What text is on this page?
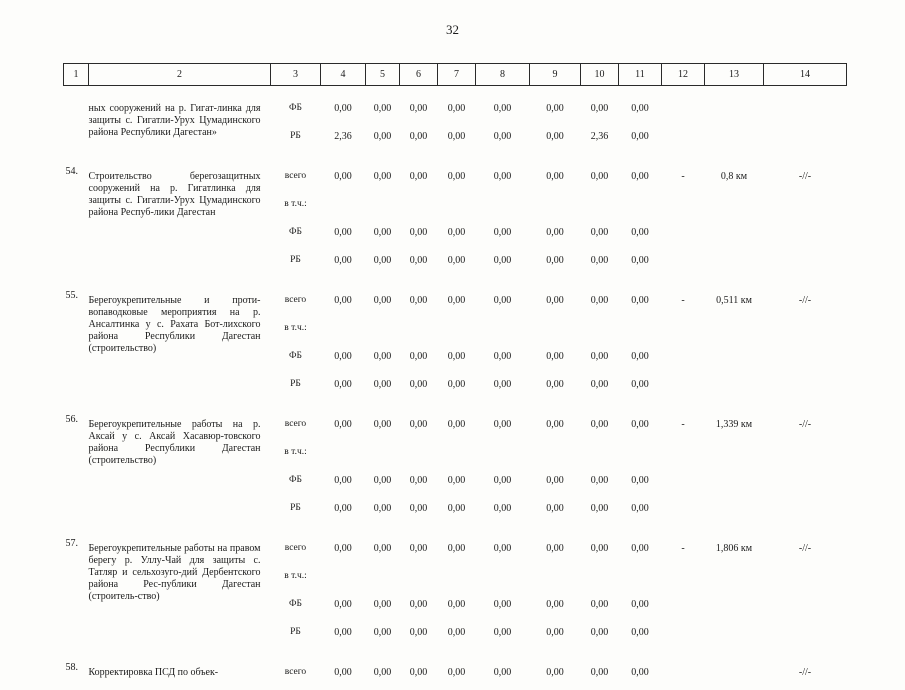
32
1	2	3	4	5	6	7	8	9	10	11	12	13	14

	ных сооружений на р. Гигат-линка для защиты с. Гигатли-Урух Цумадинского района Республики Дагестан»	ФБ	0,00	0,00	0,00	0,00	0,00	0,00	0,00	0,00			
		РБ	2,36	0,00	0,00	0,00	0,00	0,00	2,36	0,00			

54.	Строительство берегозащитных сооружений на р. Гигатлинка для защиты с. Гигатли-Урух Цумадинского района Респуб-лики Дагестан	всего	0,00	0,00	0,00	0,00	0,00	0,00	0,00	0,00	-	0,8 км	-//-
		в т.ч.:											
		ФБ	0,00	0,00	0,00	0,00	0,00	0,00	0,00	0,00			
		РБ	0,00	0,00	0,00	0,00	0,00	0,00	0,00	0,00			

55.	Берегоукрепительные и проти-вопаводковые мероприятия на р. Ансалтинка у с. Рахата Бот-лихского района Республики Дагестан (строительство)	всего	0,00	0,00	0,00	0,00	0,00	0,00	0,00	0,00	-	0,511 км	-//-
		в т.ч.:											
		ФБ	0,00	0,00	0,00	0,00	0,00	0,00	0,00	0,00			
		РБ	0,00	0,00	0,00	0,00	0,00	0,00	0,00	0,00			

56.	Берегоукрепительные работы на р. Аксай у с. Аксай Хасавюр-товского района Республики Дагестан (строительство)	всего	0,00	0,00	0,00	0,00	0,00	0,00	0,00	0,00	-	1,339 км	-//-
		в т.ч.:											
		ФБ	0,00	0,00	0,00	0,00	0,00	0,00	0,00	0,00			
		РБ	0,00	0,00	0,00	0,00	0,00	0,00	0,00	0,00			

57.	Берегоукрепительные работы на правом берегу р. Уллу-Чай для защиты с. Татляр и сельхозуго-дий Дербентского района Рес-публики Дагестан (строитель-ство)	всего	0,00	0,00	0,00	0,00	0,00	0,00	0,00	0,00	-	1,806 км	-//-
		в т.ч.:											
		ФБ	0,00	0,00	0,00	0,00	0,00	0,00	0,00	0,00			
		РБ	0,00	0,00	0,00	0,00	0,00	0,00	0,00	0,00			

58.	Корректировка ПСД по объек-	всего	0,00	0,00	0,00	0,00	0,00	0,00	0,00	0,00			-//-
